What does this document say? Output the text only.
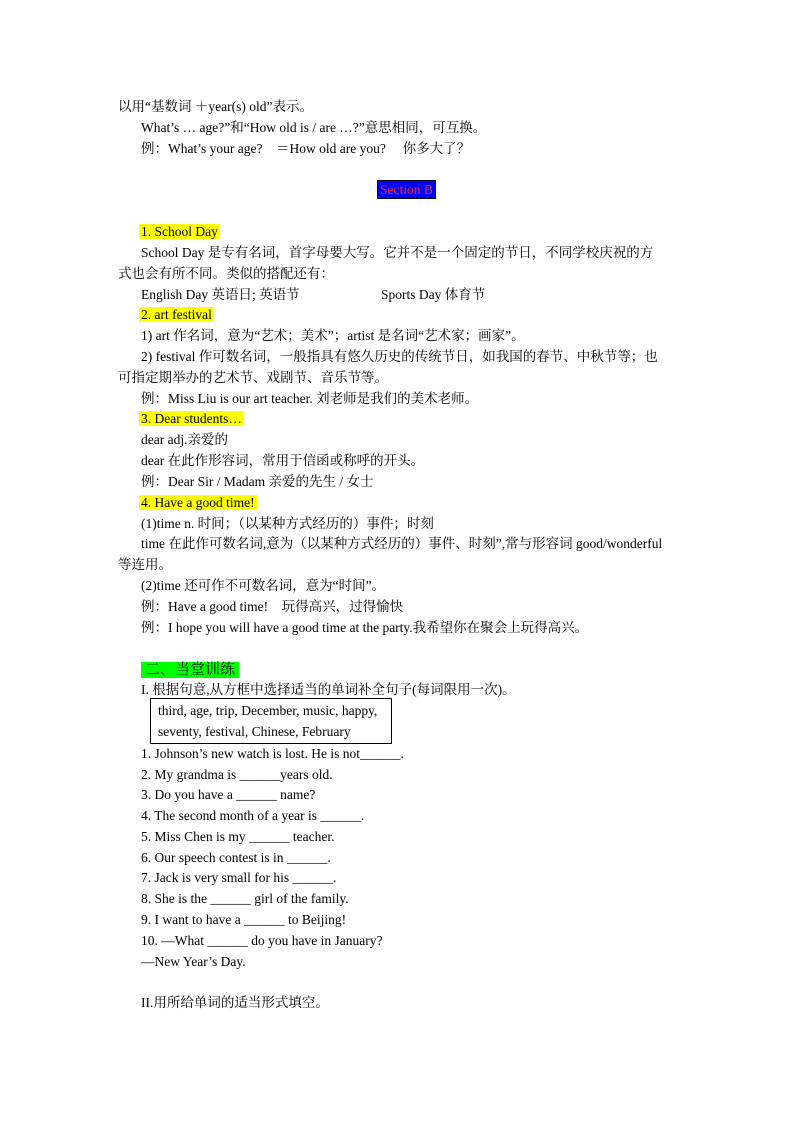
以用“基数词 ＋year(s) old”表示。
What’s … age?”和“How old is / are …?”意思相同，可互换。
例：What’s your age?　＝How old are you?　 你多大了？
Section B
1. School Day
School Day 是专有名词，首字母要大写。它并不是一个固定的节日，不同学校庆祝的方
式也会有所不同。类似的搭配还有：
English Day 英语日; 英语节	Sports Day 体育节
2. art festival
1) art 作名词，意为“艺术；美术”；artist 是名词“艺术家；画家”。
2) festival 作可数名词，一般指具有悠久历史的传统节日，如我国的春节、中秋节等；也
可指定期举办的艺术节、戏剧节、音乐节等。
例：Miss Liu is our art teacher. 刘老师是我们的美术老师。
3. Dear students…
dear adj.亲爱的
dear 在此作形容词，常用于信函或称呼的开头。
例：Dear Sir / Madam 亲爱的先生 / 女士
4. Have a good time!
(1)time n. 时间；（以某种方式经历的）事件；时刻
time 在此作可数名词,意为（以某种方式经历的）事件、时刻”,常与形容词 good/wonderful
等连用。
(2)time 还可作不可数名词，意为“时间”。
例：Have a good time!　玩得高兴，过得愉快
例：I hope you will have a good time at the party.我希望你在聚会上玩得高兴。
二、当堂训练
I. 根据句意,从方框中选择适当的单词补全句子(每词限用一次)。
third, age, trip, December, music, happy,
seventy, festival, Chinese, February
1. Johnson’s new watch is lost. He is not______.
2. My grandma is ______years old.
3. Do you have a ______ name?
4. The second month of a year is ______.
5. Miss Chen is my ______ teacher.
6. Our speech contest is in ______.
7. Jack is very small for his ______.
8. She is the ______ girl of the family.
9. I want to have a ______ to Beijing!
10. —What ______ do you have in January?
—New Year’s Day.
II.用所给单词的适当形式填空。
